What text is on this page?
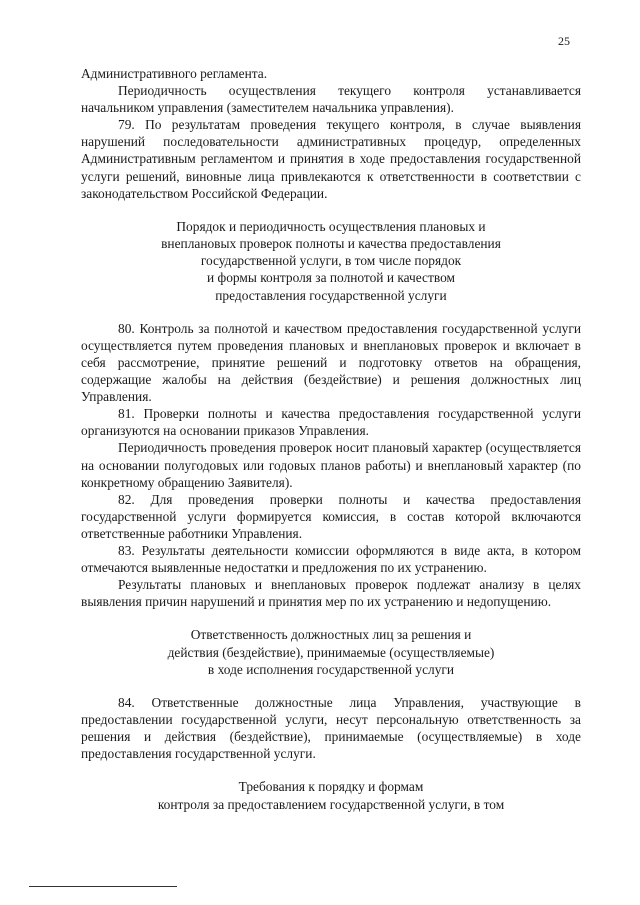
25

Административного регламента.

Периодичность осуществления текущего контроля устанавливается начальником управления (заместителем начальника управления).

79. По результатам проведения текущего контроля, в случае выявления нарушений последовательности административных процедур, определенных Административным регламентом и принятия в ходе предоставления государственной услуги решений, виновные лица привлекаются к ответственности в соответствии с законодательством Российской Федерации.

Порядок и периодичность осуществления плановых и

внеплановых проверок полноты и качества предоставления

государственной услуги, в том числе порядок

и формы контроля за полнотой и качеством

предоставления государственной услуги

80. Контроль за полнотой и качеством предоставления государственной услуги осуществляется путем проведения плановых и внеплановых проверок и включает в себя рассмотрение, принятие решений и подготовку ответов на обращения, содержащие жалобы на действия (бездействие) и решения должностных лиц Управления.

81. Проверки полноты и качества предоставления государственной услуги организуются на основании приказов Управления.

Периодичность проведения проверок носит плановый характер (осуществляется на основании полугодовых или годовых планов работы) и внеплановый характер (по конкретному обращению Заявителя).

82. Для проведения проверки полноты и качества предоставления государственной услуги формируется комиссия, в состав которой включаются ответственные работники Управления.

83. Результаты деятельности комиссии оформляются в виде акта, в котором отмечаются выявленные недостатки и предложения по их устранению.

Результаты плановых и внеплановых проверок подлежат анализу в целях выявления причин нарушений и принятия мер по их устранению и недопущению.

Ответственность должностных лиц за решения и

действия (бездействие), принимаемые (осуществляемые)

в ходе исполнения государственной услуги

84. Ответственные должностные лица Управления, участвующие в предоставлении государственной услуги, несут персональную ответственность за решения и действия (бездействие), принимаемые (осуществляемые) в ходе предоставления государственной услуги.

Требования к порядку и формам

контроля за предоставлением государственной услуги, в том
